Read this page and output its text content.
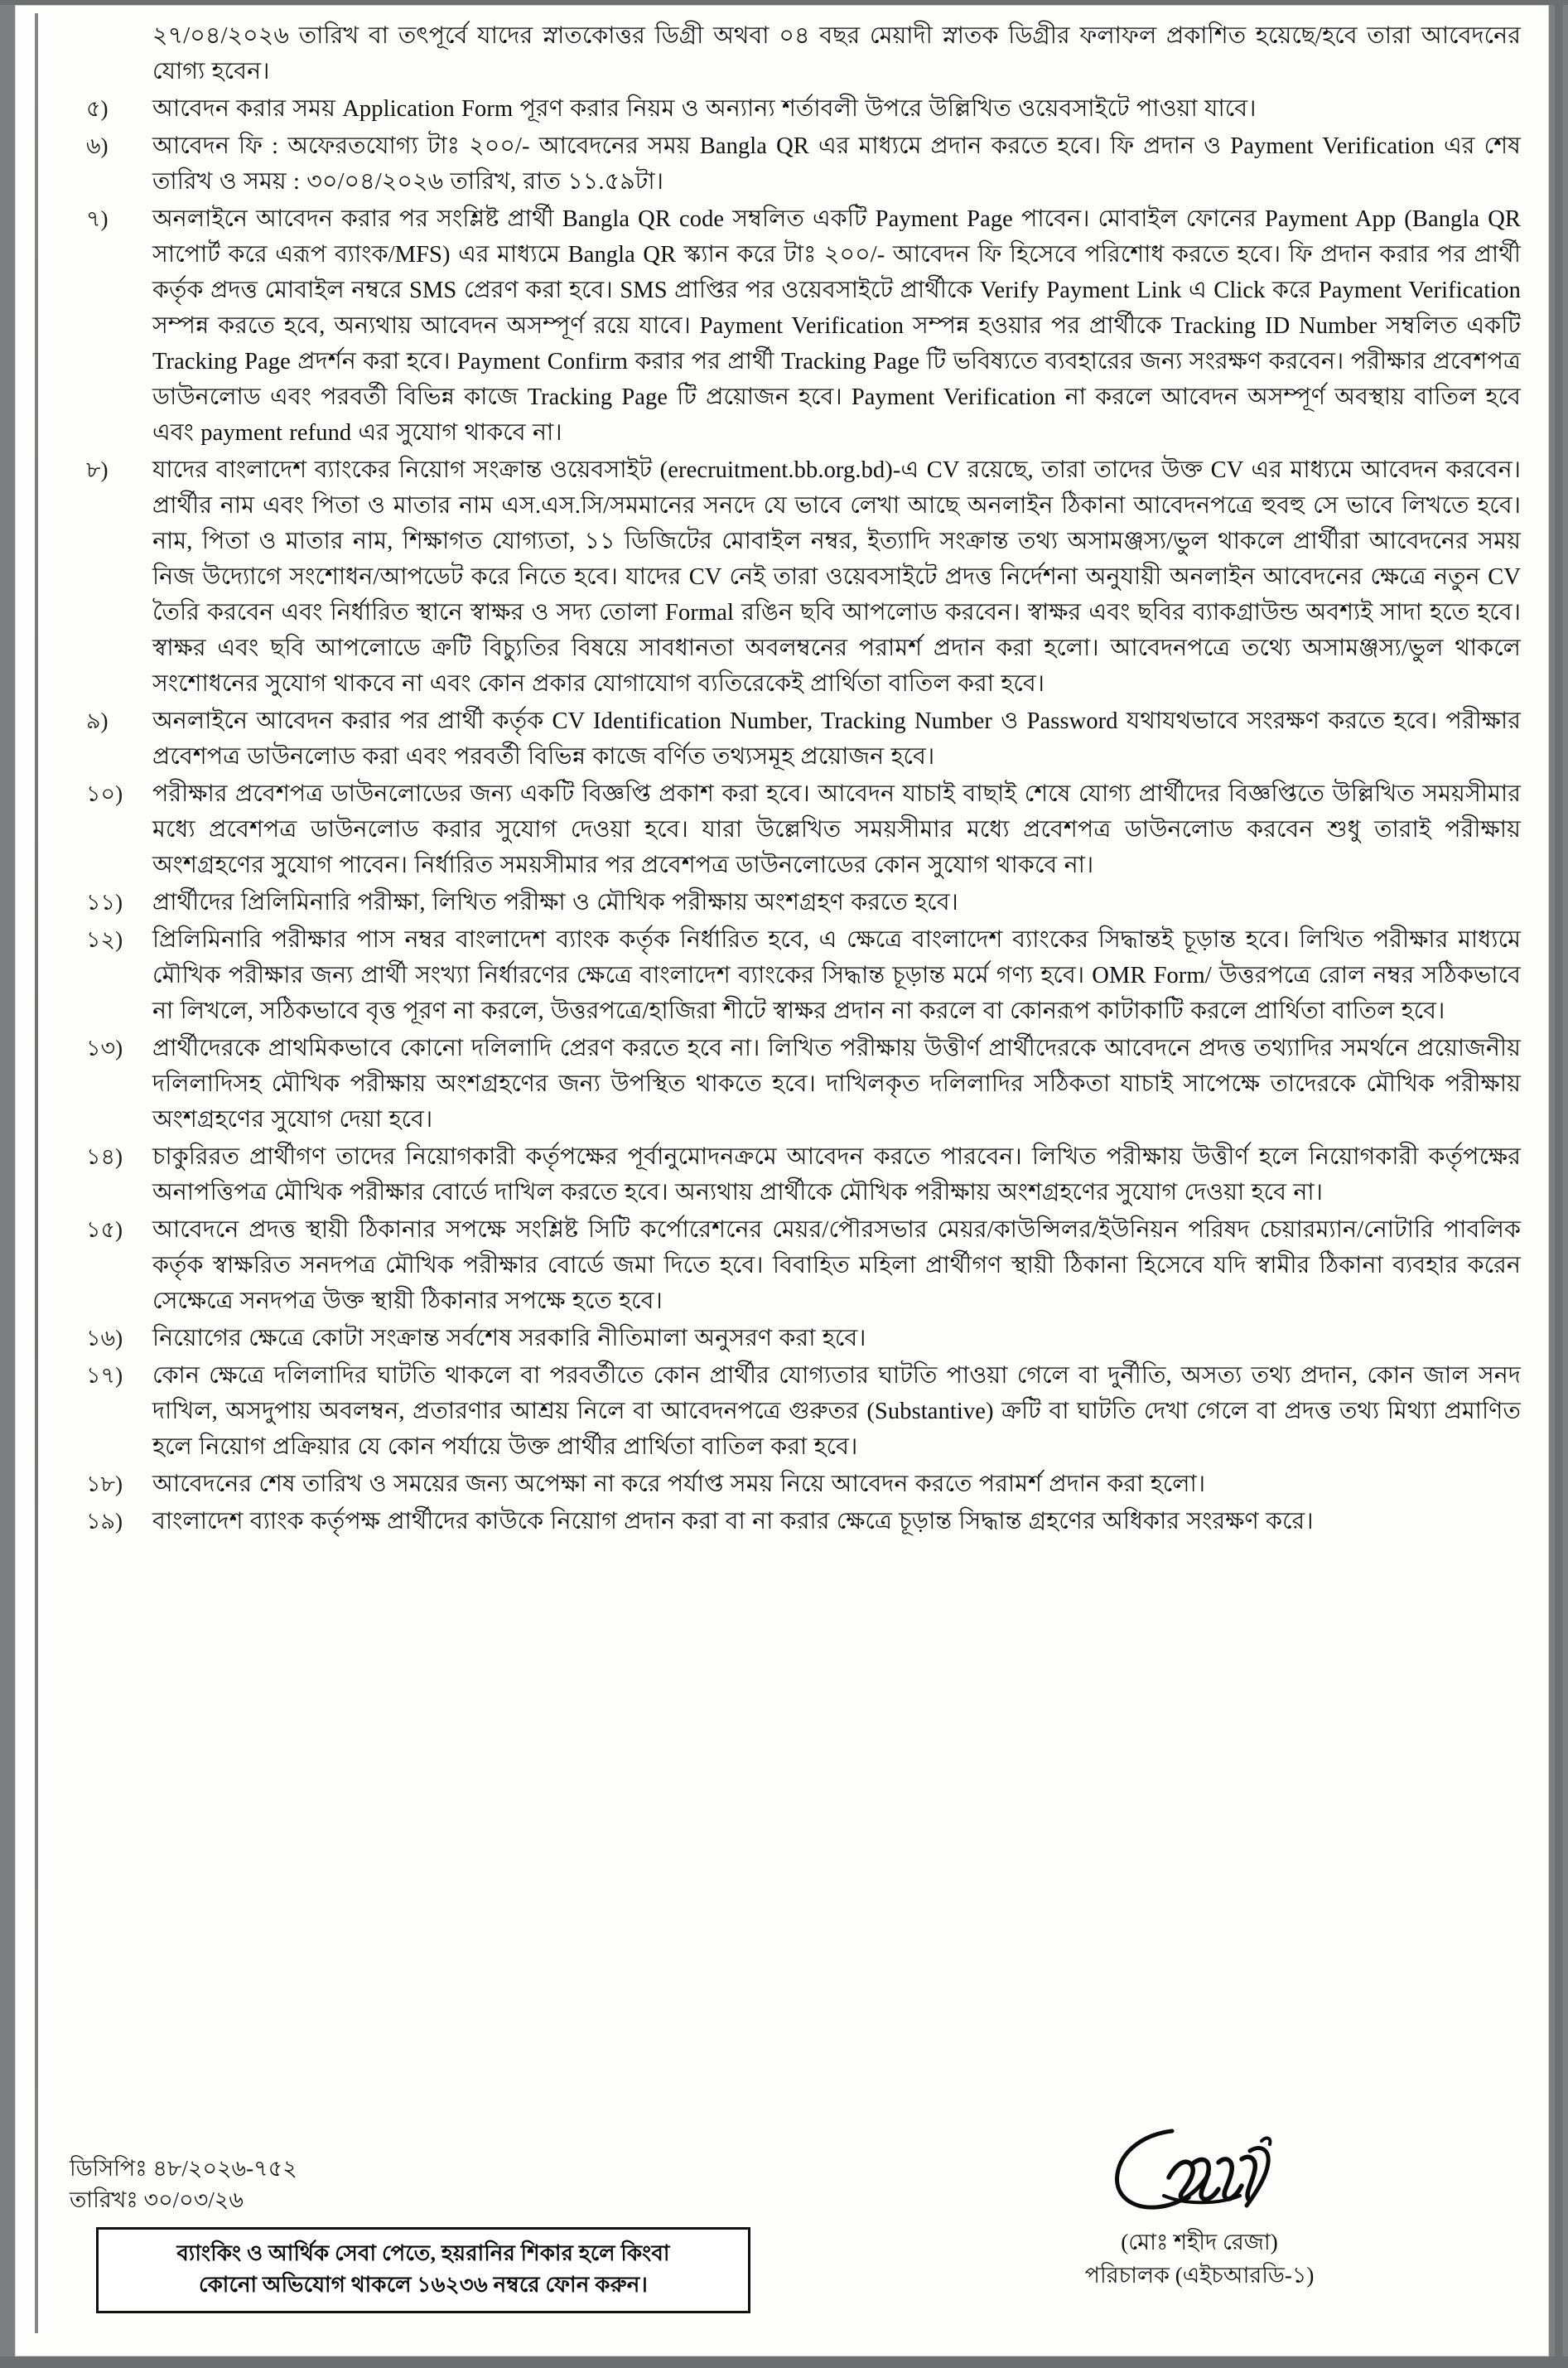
২৭/০৪/২০২৬ তারিখ বা তৎপূর্বে যাদের স্নাতকোত্তর ডিগ্রী অথবা ০৪ বছর মেয়াদী স্নাতক ডিগ্রীর ফলাফল প্রকাশিত হয়েছে/হবে তারা আবেদনের যোগ্য হবেন।
৫)	আবেদন করার সময় Application Form পূরণ করার নিয়ম ও অন্যান্য শর্তাবলী উপরে উল্লিখিত ওয়েবসাইটে পাওয়া যাবে।
৬)	আবেদন ফি : অফেরতযোগ্য টাঃ ২০০/- আবেদনের সময় Bangla QR এর মাধ্যমে প্রদান করতে হবে। ফি প্রদান ও Payment Verification এর শেষ তারিখ ও সময় : ৩০/০৪/২০২৬ তারিখ, রাত ১১.৫৯টা।
৭)	অনলাইনে আবেদন করার পর সংশ্লিষ্ট প্রার্থী Bangla QR code সম্বলিত একটি Payment Page পাবেন। মোবাইল ফোনের Payment App (Bangla QR সাপোর্ট করে এরূপ ব্যাংক/MFS) এর মাধ্যমে Bangla QR স্ক্যান করে টাঃ ২০০/- আবেদন ফি হিসেবে পরিশোধ করতে হবে। ফি প্রদান করার পর প্রার্থী কর্তৃক প্রদত্ত মোবাইল নম্বরে SMS প্রেরণ করা হবে। SMS প্রাপ্তির পর ওয়েবসাইটে প্রার্থীকে Verify Payment Link এ Click করে Payment Verification সম্পন্ন করতে হবে, অন্যথায় আবেদন অসম্পূর্ণ রয়ে যাবে। Payment Verification সম্পন্ন হওয়ার পর প্রার্থীকে Tracking ID Number সম্বলিত একটি Tracking Page প্রদর্শন করা হবে। Payment Confirm করার পর প্রার্থী Tracking Page টি ভবিষ্যতে ব্যবহারের জন্য সংরক্ষণ করবেন। পরীক্ষার প্রবেশপত্র ডাউনলোড এবং পরবর্তী বিভিন্ন কাজে Tracking Page টি প্রয়োজন হবে। Payment Verification না করলে আবেদন অসম্পূর্ণ অবস্থায় বাতিল হবে এবং payment refund এর সুযোগ থাকবে না।
৮)	যাদের বাংলাদেশ ব্যাংকের নিয়োগ সংক্রান্ত ওয়েবসাইট (erecruitment.bb.org.bd)-এ CV রয়েছে, তারা তাদের উক্ত CV এর মাধ্যমে আবেদন করবেন। প্রার্থীর নাম এবং পিতা ও মাতার নাম এস.এস.সি/সমমানের সনদে যে ভাবে লেখা আছে অনলাইন ঠিকানা আবেদনপত্রে হুবহু সে ভাবে লিখতে হবে। নাম, পিতা ও মাতার নাম, শিক্ষাগত যোগ্যতা, ১১ ডিজিটের মোবাইল নম্বর, ইত্যাদি সংক্রান্ত তথ্য অসামঞ্জস্য/ভুল থাকলে প্রার্থীরা আবেদনের সময় নিজ উদ্যোগে সংশোধন/আপডেট করে নিতে হবে। যাদের CV নেই তারা ওয়েবসাইটে প্রদত্ত নির্দেশনা অনুযায়ী অনলাইন আবেদনের ক্ষেত্রে নতুন CV তৈরি করবেন এবং নির্ধারিত স্থানে স্বাক্ষর ও সদ্য তোলা Formal রঙিন ছবি আপলোড করবেন। স্বাক্ষর এবং ছবির ব্যাকগ্রাউন্ড অবশ্যই সাদা হতে হবে। স্বাক্ষর এবং ছবি আপলোডে ক্রটি বিচ্যুতির বিষয়ে সাবধানতা অবলম্বনের পরামর্শ প্রদান করা হলো। আবেদনপত্রে তথ্যে অসামঞ্জস্য/ভুল থাকলে সংশোধনের সুযোগ থাকবে না এবং কোন প্রকার যোগাযোগ ব্যতিরেকেই প্রার্থিতা বাতিল করা হবে।
৯)	অনলাইনে আবেদন করার পর প্রার্থী কর্তৃক CV Identification Number, Tracking Number ও Password যথাযথভাবে সংরক্ষণ করতে হবে। পরীক্ষার প্রবেশপত্র ডাউনলোড করা এবং পরবর্তী বিভিন্ন কাজে বর্ণিত তথ্যসমূহ প্রয়োজন হবে।
১০)	পরীক্ষার প্রবেশপত্র ডাউনলোডের জন্য একটি বিজ্ঞপ্তি প্রকাশ করা হবে। আবেদন যাচাই বাছাই শেষে যোগ্য প্রার্থীদের বিজ্ঞপ্তিতে উল্লিখিত সময়সীমার মধ্যে প্রবেশপত্র ডাউনলোড করার সুযোগ দেওয়া হবে। যারা উল্লেখিত সময়সীমার মধ্যে প্রবেশপত্র ডাউনলোড করবেন শুধু তারাই পরীক্ষায় অংশগ্রহণের সুযোগ পাবেন। নির্ধারিত সময়সীমার পর প্রবেশপত্র ডাউনলোডের কোন সুযোগ থাকবে না।
১১)	প্রার্থীদের প্রিলিমিনারি পরীক্ষা, লিখিত পরীক্ষা ও মৌখিক পরীক্ষায় অংশগ্রহণ করতে হবে।
১২)	প্রিলিমিনারি পরীক্ষার পাস নম্বর বাংলাদেশ ব্যাংক কর্তৃক নির্ধারিত হবে, এ ক্ষেত্রে বাংলাদেশ ব্যাংকের সিদ্ধান্তই চূড়ান্ত হবে। লিখিত পরীক্ষার মাধ্যমে মৌখিক পরীক্ষার জন্য প্রার্থী সংখ্যা নির্ধারণের ক্ষেত্রে বাংলাদেশ ব্যাংকের সিদ্ধান্ত চূড়ান্ত মর্মে গণ্য হবে। OMR Form/ উত্তরপত্রে রোল নম্বর সঠিকভাবে না লিখলে, সঠিকভাবে বৃত্ত পূরণ না করলে, উত্তরপত্রে/হাজিরা শীটে স্বাক্ষর প্রদান না করলে বা কোনরূপ কাটাকাটি করলে প্রার্থিতা বাতিল হবে।
১৩)	প্রার্থীদেরকে প্রাথমিকভাবে কোনো দলিলাদি প্রেরণ করতে হবে না। লিখিত পরীক্ষায় উত্তীর্ণ প্রার্থীদেরকে আবেদনে প্রদত্ত তথ্যাদির সমর্থনে প্রয়োজনীয় দলিলাদিসহ মৌখিক পরীক্ষায় অংশগ্রহণের জন্য উপস্থিত থাকতে হবে। দাখিলকৃত দলিলাদির সঠিকতা যাচাই সাপেক্ষে তাদেরকে মৌখিক পরীক্ষায় অংশগ্রহণের সুযোগ দেয়া হবে।
১৪)	চাকুরিরত প্রার্থীগণ তাদের নিয়োগকারী কর্তৃপক্ষের পূর্বানুমোদনক্রমে আবেদন করতে পারবেন। লিখিত পরীক্ষায় উত্তীর্ণ হলে নিয়োগকারী কর্তৃপক্ষের অনাপত্তিপত্র মৌখিক পরীক্ষার বোর্ডে দাখিল করতে হবে। অন্যথায় প্রার্থীকে মৌখিক পরীক্ষায় অংশগ্রহণের সুযোগ দেওয়া হবে না।
১৫)	আবেদনে প্রদত্ত স্থায়ী ঠিকানার সপক্ষে সংশ্লিষ্ট সিটি কর্পোরেশনের মেয়র/পৌরসভার মেয়র/কাউন্সিলর/ইউনিয়ন পরিষদ চেয়ারম্যান/নোটারি পাবলিক কর্তৃক স্বাক্ষরিত সনদপত্র মৌখিক পরীক্ষার বোর্ডে জমা দিতে হবে। বিবাহিত মহিলা প্রার্থীগণ স্থায়ী ঠিকানা হিসেবে যদি স্বামীর ঠিকানা ব্যবহার করেন সেক্ষেত্রে সনদপত্র উক্ত স্থায়ী ঠিকানার সপক্ষে হতে হবে।
১৬)	নিয়োগের ক্ষেত্রে কোটা সংক্রান্ত সর্বশেষ সরকারি নীতিমালা অনুসরণ করা হবে।
১৭)	কোন ক্ষেত্রে দলিলাদির ঘাটতি থাকলে বা পরবর্তীতে কোন প্রার্থীর যোগ্যতার ঘাটতি পাওয়া গেলে বা দুর্নীতি, অসত্য তথ্য প্রদান, কোন জাল সনদ দাখিল, অসদুপায় অবলম্বন, প্রতারণার আশ্রয় নিলে বা আবেদনপত্রে গুরুতর (Substantive) ক্রটি বা ঘাটতি দেখা গেলে বা প্রদত্ত তথ্য মিথ্যা প্রমাণিত হলে নিয়োগ প্রক্রিয়ার যে কোন পর্যায়ে উক্ত প্রার্থীর প্রার্থিতা বাতিল করা হবে।
১৮)	আবেদনের শেষ তারিখ ও সময়ের জন্য অপেক্ষা না করে পর্যাপ্ত সময় নিয়ে আবেদন করতে পরামর্শ প্রদান করা হলো।
১৯)	বাংলাদেশ ব্যাংক কর্তৃপক্ষ প্রার্থীদের কাউকে নিয়োগ প্রদান করা বা না করার ক্ষেত্রে চূড়ান্ত সিদ্ধান্ত গ্রহণের অধিকার সংরক্ষণ করে।
(মোঃ শহীদ রেজা)
পরিচালক (এইচআরডি-১)
ডিসিপিঃ ৪৮/২০২৬-৭৫২
তারিখঃ ৩০/০৩/২৬
ব্যাংকিং ও আর্থিক সেবা পেতে, হয়রানির শিকার হলে কিংবা
কোনো অভিযোগ থাকলে ১৬২৩৬ নম্বরে ফোন করুন।
